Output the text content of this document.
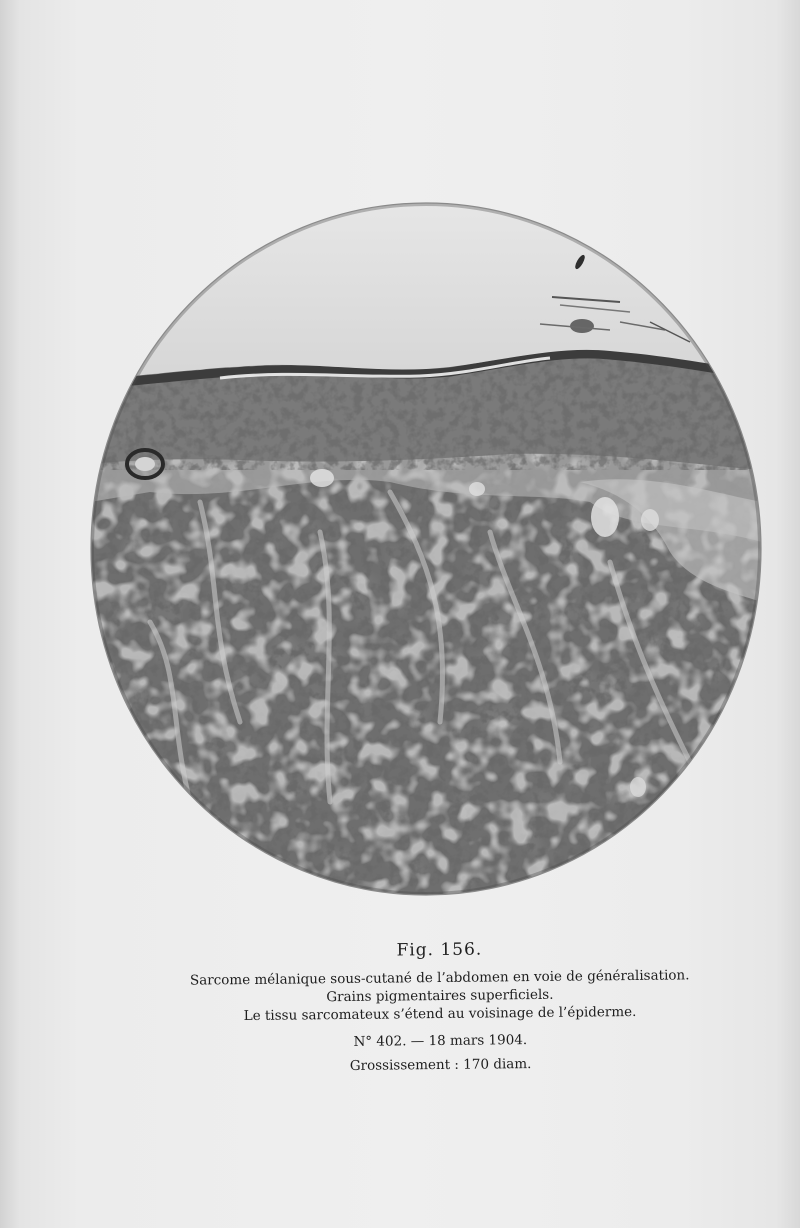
Fig. 156.
Sarcome mélanique sous-cutané de l’abdomen en voie de généralisation.
Grains pigmentaires superficiels.
Le tissu sarcomateux s’étend au voisinage de l’épiderme.
N° 402. — 18 mars 1904.
Grossissement : 170 diam.
